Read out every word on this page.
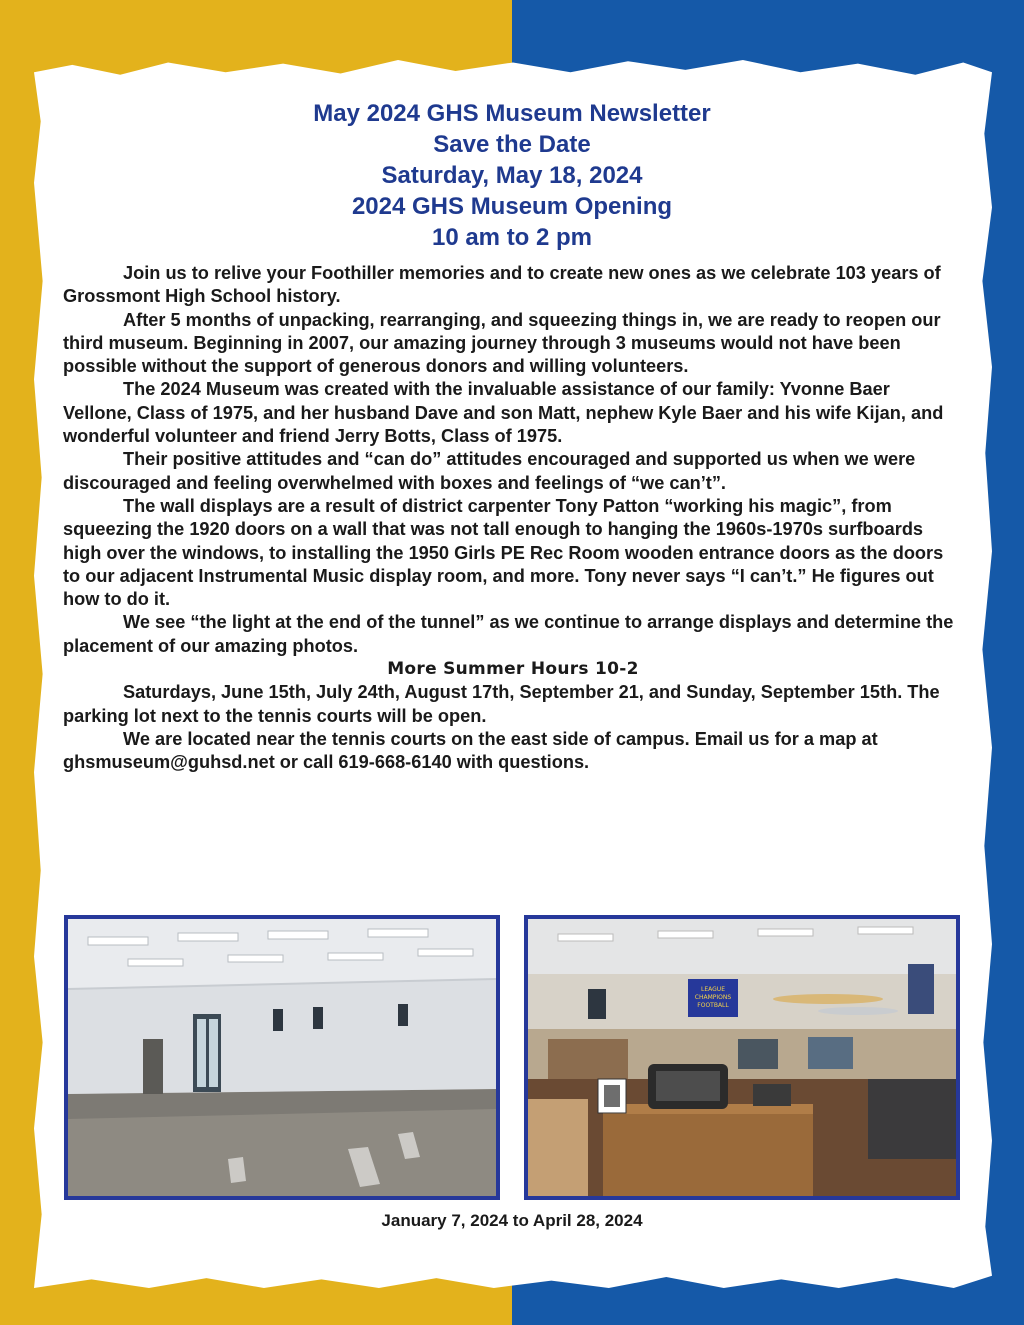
May 2024 GHS Museum Newsletter
Save the Date
Saturday, May 18, 2024
2024 GHS Museum Opening
10 am to 2 pm

Join us to relive your Foothiller memories and to create new ones as we celebrate 103 years of Grossmont High School history.

After 5 months of unpacking, rearranging, and squeezing things in, we are ready to reopen our third museum. Beginning in 2007, our amazing journey through 3 museums would not have been possible without the support of generous donors and willing volunteers.

The 2024 Museum was created with the invaluable assistance of our family: Yvonne Baer Vellone, Class of 1975, and her husband Dave and son Matt, nephew Kyle Baer and his wife Kijan, and wonderful volunteer and friend Jerry Botts, Class of 1975.

Their positive attitudes and “can do” attitudes encouraged and supported us when we were discouraged and feeling overwhelmed with boxes and feelings of “we can’t”.

The wall displays are a result of district carpenter Tony Patton “working his magic”, from squeezing the 1920 doors on a wall that was not tall enough to hanging the 1960s-1970s surfboards high over the windows, to installing the 1950 Girls PE Rec Room wooden entrance doors as the doors to our adjacent Instrumental Music display room, and more. Tony never says “I can’t.” He figures out how to do it.

We see “the light at the end of the tunnel” as we continue to arrange displays and determine the placement of our amazing photos.

More Summer Hours 10-2

Saturdays, June 15th, July 24th, August 17th, September 21, and Sunday, September 15th. The parking lot next to the tennis courts will be open.

We are located near the tennis courts on the east side of campus. Email us for a map at ghsmuseum@guhsd.net or call 619-668-6140 with questions.

LEAGUE
CHAMPIONS
FOOTBALL
January 7, 2024 to April 28, 2024
